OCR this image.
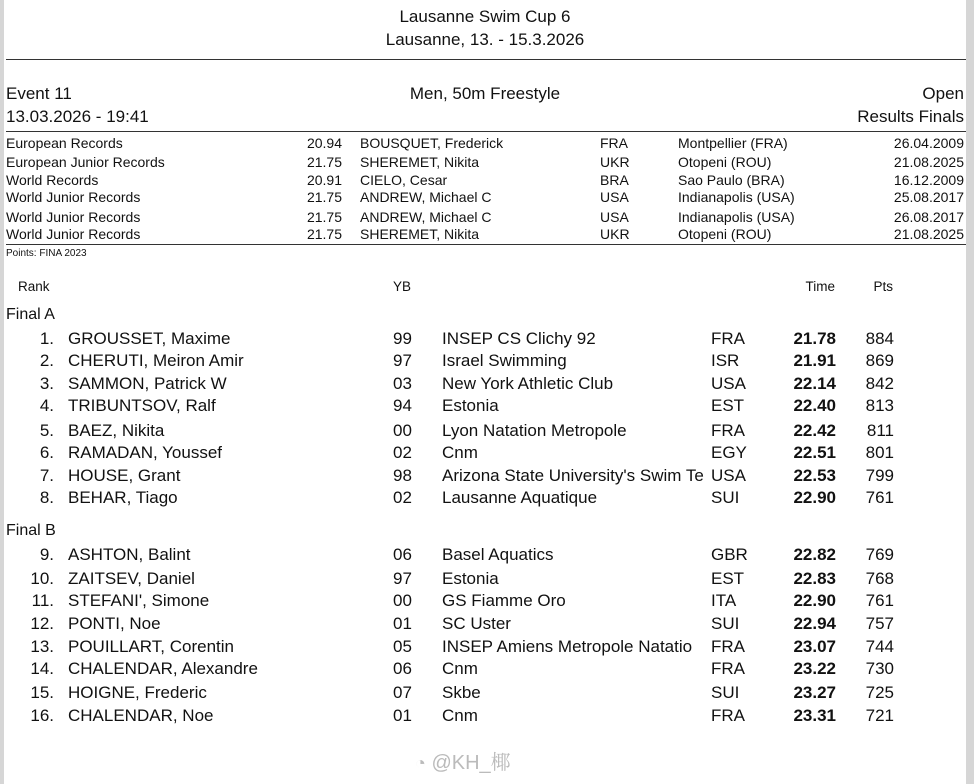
Lausanne Swim Cup 6
Lausanne, 13. - 15.3.2026
Event 11	Men, 50m Freestyle	Open
13.03.2026 - 19:41	Results Finals
European Records	20.94 BOUSQUET, Frederick	FRA	Montpellier (FRA)	26.04.2009
European Junior Records	21.75 SHEREMET, Nikita	UKR	Otopeni (ROU)	21.08.2025
World Records	20.91 CIELO, Cesar	BRA	Sao Paulo (BRA)	16.12.2009
World Junior Records	21.75 ANDREW, Michael C	USA	Indianapolis (USA)	25.08.2017
World Junior Records	21.75 ANDREW, Michael C	USA	Indianapolis (USA)	26.08.2017
World Junior Records	21.75 SHEREMET, Nikita	UKR	Otopeni (ROU)	21.08.2025
Points: FINA 2023
Rank	YB	Time	Pts
Final A
1. GROUSSET, Maxime	99 INSEP CS Clichy 92	FRA	21.78 884
2. CHERUTI, Meiron Amir	97 Israel Swimming	ISR	21.91 869
3. SAMMON, Patrick W	03 New York Athletic Club	USA	22.14 842
4. TRIBUNTSOV, Ralf	94 Estonia	EST	22.40 813
5. BAEZ, Nikita	00 Lyon Natation Metropole	FRA	22.42 811
6. RAMADAN, Youssef	02 Cnm	EGY	22.51 801
7. HOUSE, Grant	98 Arizona State University's Swim Te USA	22.53 799
8. BEHAR, Tiago	02 Lausanne Aquatique	SUI	22.90 761
Final B
9. ASHTON, Balint	06 Basel Aquatics	GBR	22.82 769
10. ZAITSEV, Daniel	97 Estonia	EST	22.83 768
11. STEFANI', Simone	00 GS Fiamme Oro	ITA	22.90 761
12. PONTI, Noe	01 SC Uster	SUI	22.94 757
13. POUILLART, Corentin	05 INSEP Amiens Metropole Natatio	FRA	23.07 744
14. CHALENDAR, Alexandre	06 Cnm	FRA	23.22 730
15. HOIGNE, Frederic	07 Skbe	SUI	23.27 725
16. CHALENDAR, Noe	01 Cnm	FRA	23.31 721
◔ @KH_椰
